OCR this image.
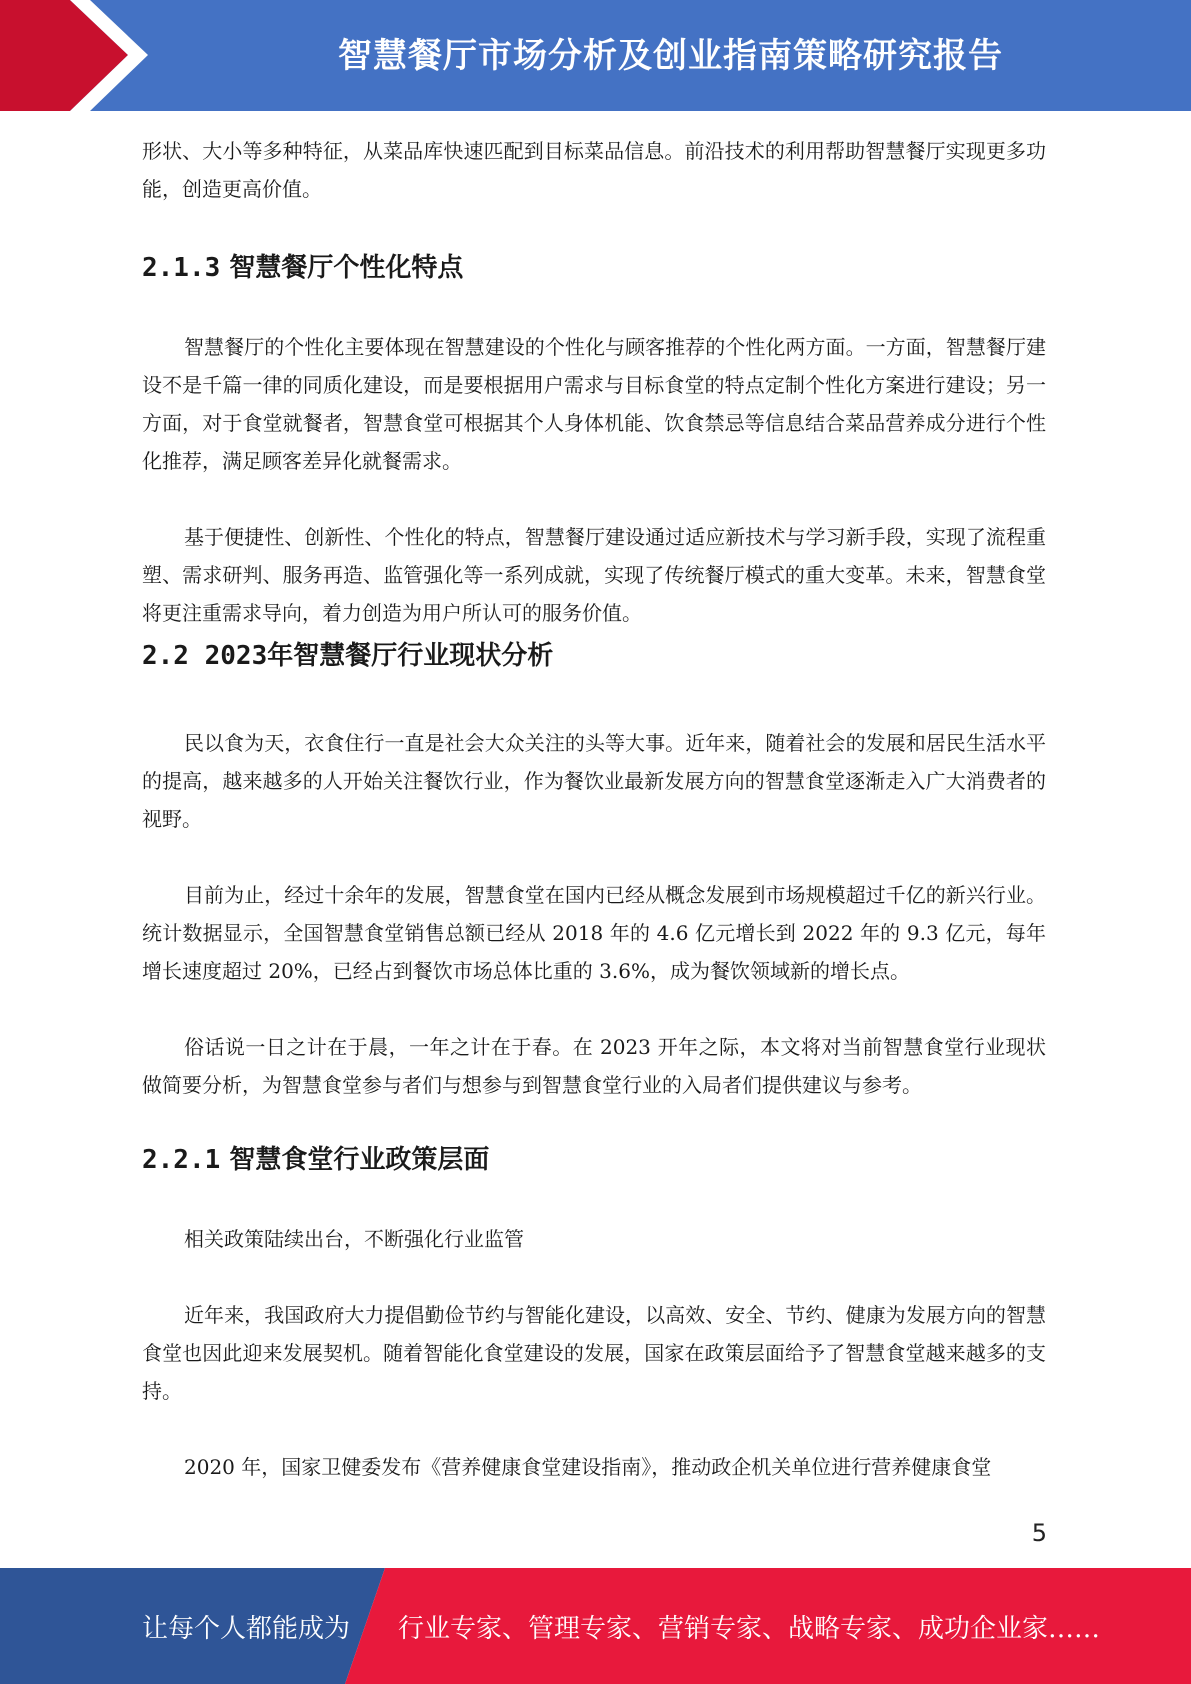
智慧餐厅市场分析及创业指南策略研究报告

形状、大小等多种特征，从菜品库快速匹配到目标菜品信息。前沿技术的利用帮助智慧餐厅实现更多功能，创造更高价值。

2.1.3 智慧餐厅个性化特点

智慧餐厅的个性化主要体现在智慧建设的个性化与顾客推荐的个性化两方面。一方面，智慧餐厅建设不是千篇一律的同质化建设，而是要根据用户需求与目标食堂的特点定制个性化方案进行建设；另一方面，对于食堂就餐者，智慧食堂可根据其个人身体机能、饮食禁忌等信息结合菜品营养成分进行个性化推荐，满足顾客差异化就餐需求。

基于便捷性、创新性、个性化的特点，智慧餐厅建设通过适应新技术与学习新手段，实现了流程重塑、需求研判、服务再造、监管强化等一系列成就，实现了传统餐厅模式的重大变革。未来，智慧食堂将更注重需求导向，着力创造为用户所认可的服务价值。

2.2 2023年智慧餐厅行业现状分析

民以食为天，衣食住行一直是社会大众关注的头等大事。近年来，随着社会的发展和居民生活水平的提高，越来越多的人开始关注餐饮行业，作为餐饮业最新发展方向的智慧食堂逐渐走入广大消费者的视野。

目前为止，经过十余年的发展，智慧食堂在国内已经从概念发展到市场规模超过千亿的新兴行业。统计数据显示，全国智慧食堂销售总额已经从 2018 年的 4.6 亿元增长到 2022 年的 9.3 亿元，每年增长速度超过 20%，已经占到餐饮市场总体比重的 3.6%，成为餐饮领域新的增长点。

俗话说一日之计在于晨，一年之计在于春。在 2023 开年之际，本文将对当前智慧食堂行业现状做简要分析，为智慧食堂参与者们与想参与到智慧食堂行业的入局者们提供建议与参考。

2.2.1 智慧食堂行业政策层面

相关政策陆续出台，不断强化行业监管

近年来，我国政府大力提倡勤俭节约与智能化建设，以高效、安全、节约、健康为发展方向的智慧食堂也因此迎来发展契机。随着智能化食堂建设的发展，国家在政策层面给予了智慧食堂越来越多的支持。

2020 年，国家卫健委发布《营养健康食堂建设指南》，推动政企机关单位进行营养健康食堂

5
让每个人都能成为 行业专家、管理专家、营销专家、战略专家、成功企业家……
